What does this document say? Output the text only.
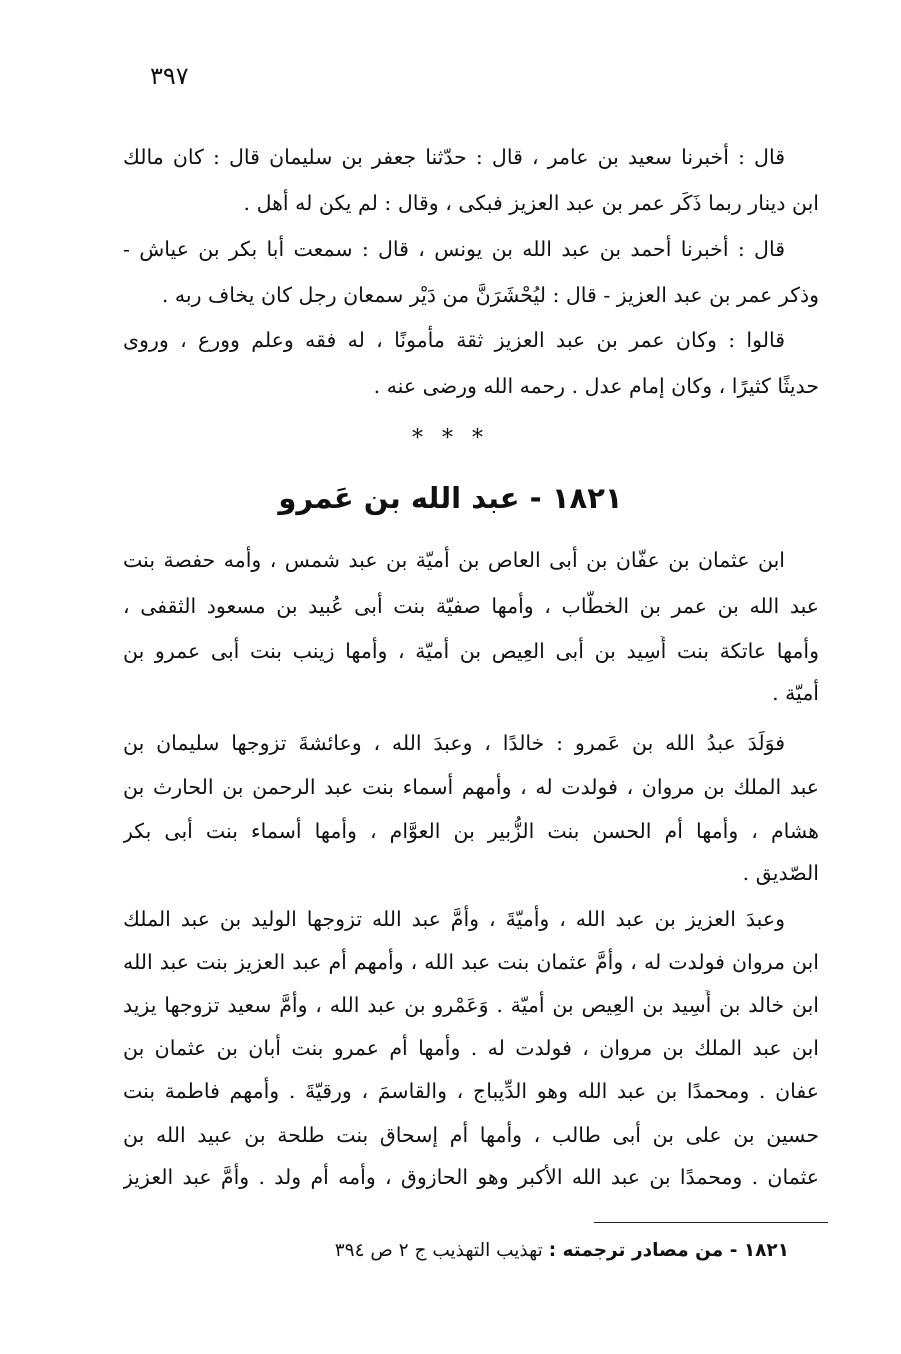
٣٩٧
قال : أخبرنا سعيد بن عامر ، قال : حدّثنا جعفر بن سليمان قال : كان مالك
ابن دينار ربما ذَكَر عمر بن عبد العزيز فبكى ، وقال : لم يكن له أهل .
قال : أخبرنا أحمد بن عبد الله بن يونس ، قال : سمعت أبا بكر بن عياش -
وذكر عمر بن عبد العزيز - قال : ليُحْشَرَنَّ من دَيْر سمعان رجل كان يخاف ربه .
قالوا : وكان عمر بن عبد العزيز ثقة مأمونًا ، له فقه وعلم وورع ، وروى
حديثًا كثيرًا ، وكان إمام عدل . رحمه الله ورضى عنه .
* * *
١٨٢١ - عبد الله بن عَمرو
ابن عثمان بن عفّان بن أبى العاص بن أميّة بن عبد شمس ، وأمه حفصة بنت
عبد الله بن عمر بن الخطّاب ، وأمها صفيّة بنت أبى عُبيد بن مسعود الثقفى ،
وأمها عاتكة بنت أَسِيد بن أبى العِيص بن أميّة ، وأمها زينب بنت أبى عمرو بن
أميّة .
فوَلَدَ عبدُ الله بن عَمرو : خالدًا ، وعبدَ الله ، وعائشةَ تزوجها سليمان بن
عبد الملك بن مروان ، فولدت له ، وأمهم أسماء بنت عبد الرحمن بن الحارث بن
هشام ، وأمها أم الحسن بنت الزُّبير بن العوَّام ، وأمها أسماء بنت أبى بكر
الصّديق .
وعبدَ العزيز بن عبد الله ، وأميّةَ ، وأمَّ عبد الله تزوجها الوليد بن عبد الملك
ابن مروان فولدت له ، وأمَّ عثمان بنت عبد الله ، وأمهم أم عبد العزيز بنت عبد الله
ابن خالد بن أَسِيد بن العِيص بن أميّة . وَعَمْرو بن عبد الله ، وأمَّ سعيد تزوجها يزيد
ابن عبد الملك بن مروان ، فولدت له . وأمها أم عمرو بنت أبان بن عثمان بن
عفان . ومحمدًا بن عبد الله وهو الدِّيباج ، والقاسمَ ، ورقيّةَ . وأمهم فاطمة بنت
حسين بن على بن أبى طالب ، وأمها أم إسحاق بنت طلحة بن عبيد الله بن
عثمان . ومحمدًا بن عبد الله الأكبر وهو الحازوق ، وأمه أم ولد . وأمَّ عبد العزيز
١٨٢١ - من مصادر ترجمته : تهذيب التهذيب ج ٢ ص ٣٩٤
